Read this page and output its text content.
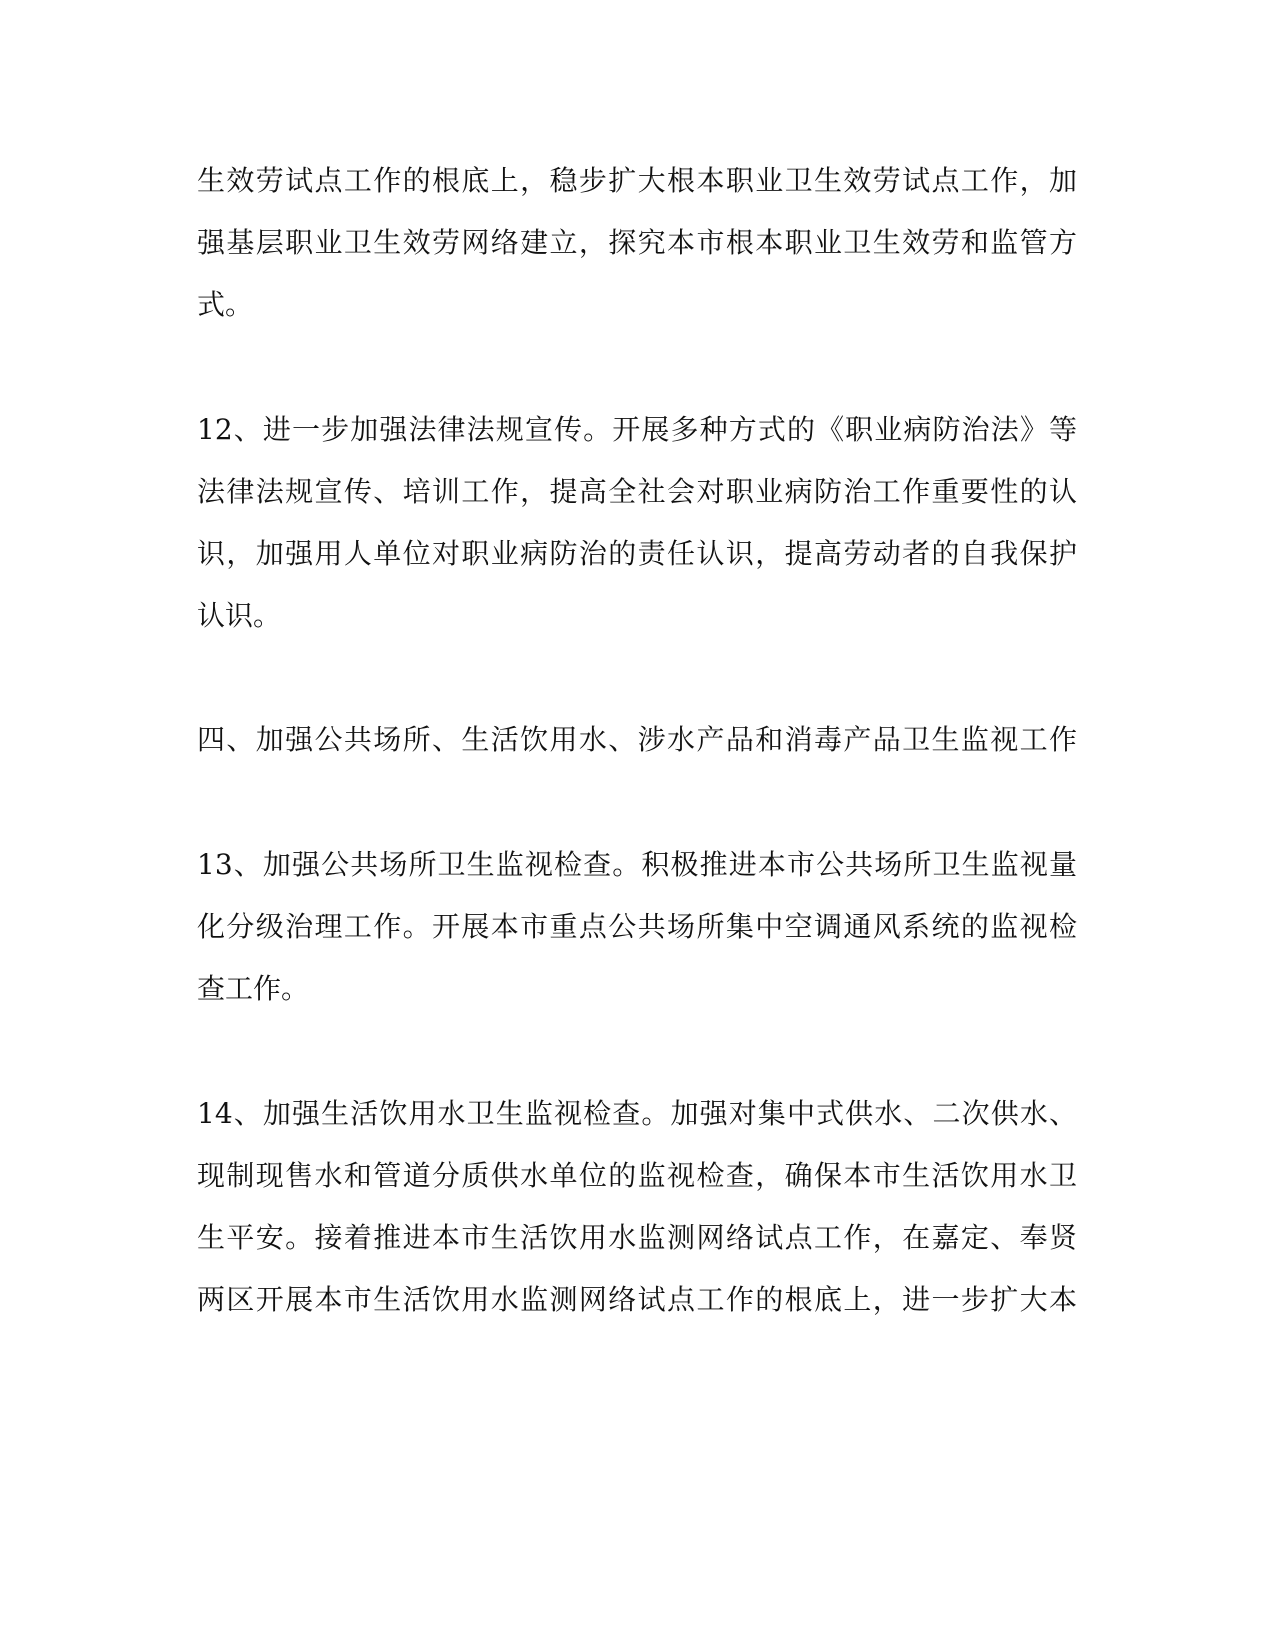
生效劳试点工作的根底上，稳步扩大根本职业卫生效劳试点工作，加
强基层职业卫生效劳网络建立，探究本市根本职业卫生效劳和监管方
式。
12、进一步加强法律法规宣传。开展多种方式的《职业病防治法》等
法律法规宣传、培训工作，提高全社会对职业病防治工作重要性的认
识，加强用人单位对职业病防治的责任认识，提高劳动者的自我保护
认识。
四、加强公共场所、生活饮用水、涉水产品和消毒产品卫生监视工作
13、加强公共场所卫生监视检查。积极推进本市公共场所卫生监视量
化分级治理工作。开展本市重点公共场所集中空调通风系统的监视检
查工作。
14、加强生活饮用水卫生监视检查。加强对集中式供水、二次供水、
现制现售水和管道分质供水单位的监视检查，确保本市生活饮用水卫
生平安。接着推进本市生活饮用水监测网络试点工作，在嘉定、奉贤
两区开展本市生活饮用水监测网络试点工作的根底上，进一步扩大本
